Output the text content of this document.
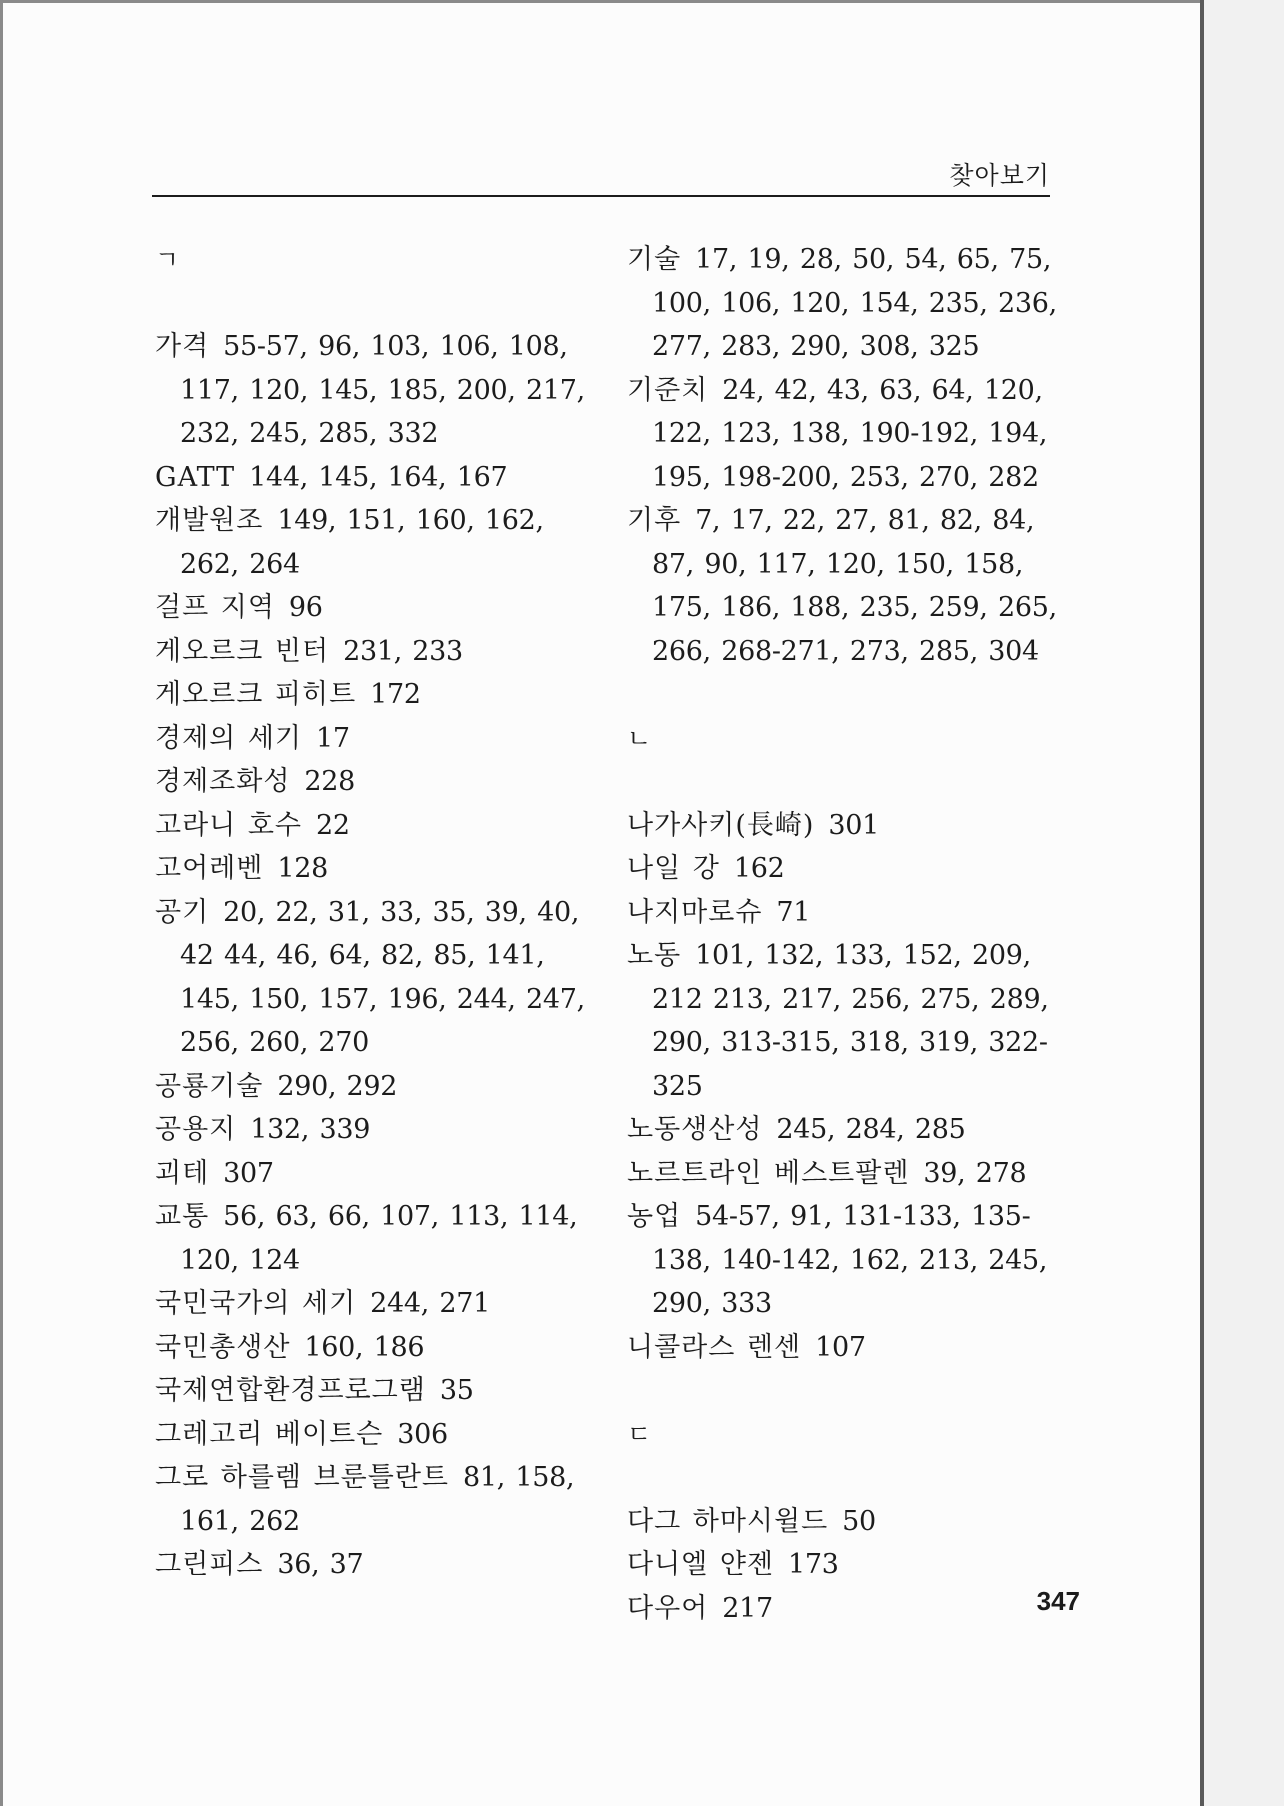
찾아보기
ㄱ
가격 55-57, 96, 103, 106, 108, 117, 120, 145, 185, 200, 217, 232, 245, 285, 332
GATT 144, 145, 164, 167
개발원조 149, 151, 160, 162, 262, 264
걸프 지역 96
게오르크 빈터 231, 233
게오르크 피히트 172
경제의 세기 17
경제조화성 228
고라니 호수 22
고어레벤 128
공기 20, 22, 31, 33, 35, 39, 40, 42 44, 46, 64, 82, 85, 141, 145, 150, 157, 196, 244, 247, 256, 260, 270
공룡기술 290, 292
공용지 132, 339
괴테 307
교통 56, 63, 66, 107, 113, 114, 120, 124
국민국가의 세기 244, 271
국민총생산 160, 186
국제연합환경프로그램 35
그레고리 베이트슨 306
그로 하를렘 브룬틀란트 81, 158, 161, 262
그린피스 36, 37
기술 17, 19, 28, 50, 54, 65, 75, 100, 106, 120, 154, 235, 236, 277, 283, 290, 308, 325
기준치 24, 42, 43, 63, 64, 120, 122, 123, 138, 190-192, 194, 195, 198-200, 253, 270, 282
기후 7, 17, 22, 27, 81, 82, 84, 87, 90, 117, 120, 150, 158, 175, 186, 188, 235, 259, 265, 266, 268-271, 273, 285, 304
ㄴ
나가사키(長崎) 301
나일 강 162
나지마로슈 71
노동 101, 132, 133, 152, 209, 212 213, 217, 256, 275, 289, 290, 313-315, 318, 319, 322-325
노동생산성 245, 284, 285
노르트라인 베스트팔렌 39, 278
농업 54-57, 91, 131-133, 135-138, 140-142, 162, 213, 245, 290, 333
니콜라스 렌센 107
ㄷ
다그 하마시윌드 50
다니엘 얀젠 173
다우어 217	347
